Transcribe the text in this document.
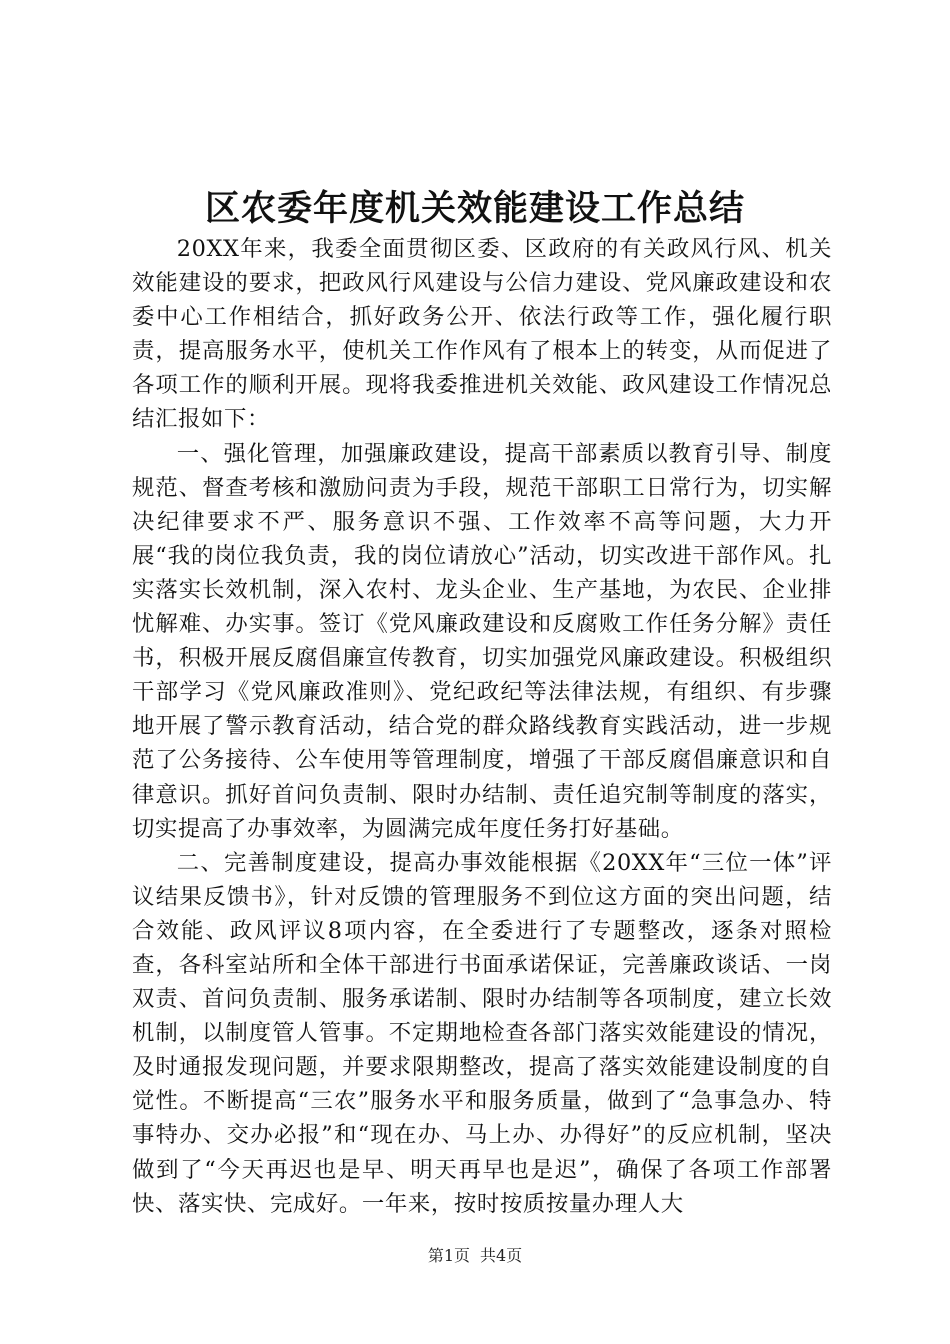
区农委年度机关效能建设工作总结

20XX年来，我委全面贯彻区委、区政府的有关政风行风、机关效能建设的要求，把政风行风建设与公信力建设、党风廉政建设和农委中心工作相结合，抓好政务公开、依法行政等工作，强化履行职责，提高服务水平，使机关工作作风有了根本上的转变，从而促进了各项工作的顺利开展。现将我委推进机关效能、政风建设工作情况总结汇报如下：

一、强化管理，加强廉政建设，提高干部素质以教育引导、制度规范、督查考核和激励问责为手段，规范干部职工日常行为，切实解决纪律要求不严、服务意识不强、工作效率不高等问题，大力开展“我的岗位我负责，我的岗位请放心”活动，切实改进干部作风。扎实落实长效机制，深入农村、龙头企业、生产基地，为农民、企业排忧解难、办实事。签订《党风廉政建设和反腐败工作任务分解》责任书，积极开展反腐倡廉宣传教育，切实加强党风廉政建设。积极组织干部学习《党风廉政准则》、党纪政纪等法律法规，有组织、有步骤地开展了警示教育活动，结合党的群众路线教育实践活动，进一步规范了公务接待、公车使用等管理制度，增强了干部反腐倡廉意识和自律意识。抓好首问负责制、限时办结制、责任追究制等制度的落实，切实提高了办事效率，为圆满完成年度任务打好基础。

二、完善制度建设，提高办事效能根据《20XX年“三位一体”评议结果反馈书》，针对反馈的管理服务不到位这方面的突出问题，结合效能、政风评议8项内容，在全委进行了专题整改，逐条对照检查，各科室站所和全体干部进行书面承诺保证，完善廉政谈话、一岗双责、首问负责制、服务承诺制、限时办结制等各项制度，建立长效机制，以制度管人管事。不定期地检查各部门落实效能建设的情况，及时通报发现问题，并要求限期整改，提高了落实效能建设制度的自觉性。不断提高“三农”服务水平和服务质量，做到了“急事急办、特事特办、交办必报”和“现在办、马上办、办得好”的反应机制，坚决做到了“今天再迟也是早、明天再早也是迟”，确保了各项工作部署快、落实快、完成好。一年来，按时按质按量办理人大

第1页 共4页
